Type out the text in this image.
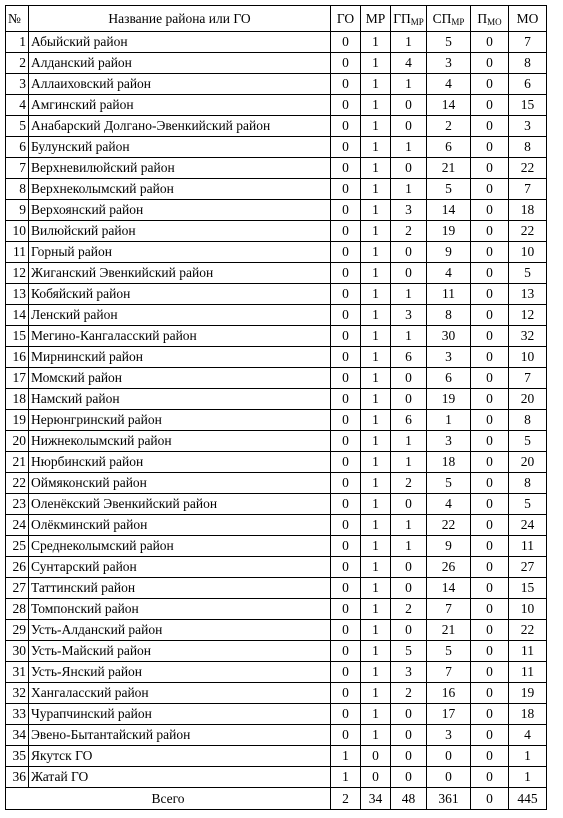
№	Название района или ГО	ГО	МР	$ГП_{МР}$	$СП_{МР}$	$П_{МО}$	МО
1	Абыйский район	0	1	1	5	0	7
2	Алданский район	0	1	4	3	0	8
3	Аллаиховский район	0	1	1	4	0	6
4	Амгинский район	0	1	0	14	0	15
5	Анабарский Долгано-Эвенкийский район	0	1	0	2	0	3
6	Булунский район	0	1	1	6	0	8
7	Верхневилюйский район	0	1	0	21	0	22
8	Верхнеколымский район	0	1	1	5	0	7
9	Верхоянский район	0	1	3	14	0	18
10	Вилюйский район	0	1	2	19	0	22
11	Горный район	0	1	0	9	0	10
12	Жиганский Эвенкийский район	0	1	0	4	0	5
13	Кобяйский район	0	1	1	11	0	13
14	Ленский район	0	1	3	8	0	12
15	Мегино-Кангаласский район	0	1	1	30	0	32
16	Мирнинский район	0	1	6	3	0	10
17	Момский район	0	1	0	6	0	7
18	Намский район	0	1	0	19	0	20
19	Нерюнгринский район	0	1	6	1	0	8
20	Нижнеколымский район	0	1	1	3	0	5
21	Нюрбинский район	0	1	1	18	0	20
22	Оймяконский район	0	1	2	5	0	8
23	Оленёкский Эвенкийский район	0	1	0	4	0	5
24	Олёкминский район	0	1	1	22	0	24
25	Среднеколымский район	0	1	1	9	0	11
26	Сунтарский район	0	1	0	26	0	27
27	Таттинский район	0	1	0	14	0	15
28	Томпонский район	0	1	2	7	0	10
29	Усть-Алданский район	0	1	0	21	0	22
30	Усть-Майский район	0	1	5	5	0	11
31	Усть-Янский район	0	1	3	7	0	11
32	Хангаласский район	0	1	2	16	0	19
33	Чурапчинский район	0	1	0	17	0	18
34	Эвено-Бытантайский район	0	1	0	3	0	4
35	Якутск ГО	1	0	0	0	0	1
36	Жатай ГО	1	0	0	0	0	1
Всего		2	34	48	361	0	445
